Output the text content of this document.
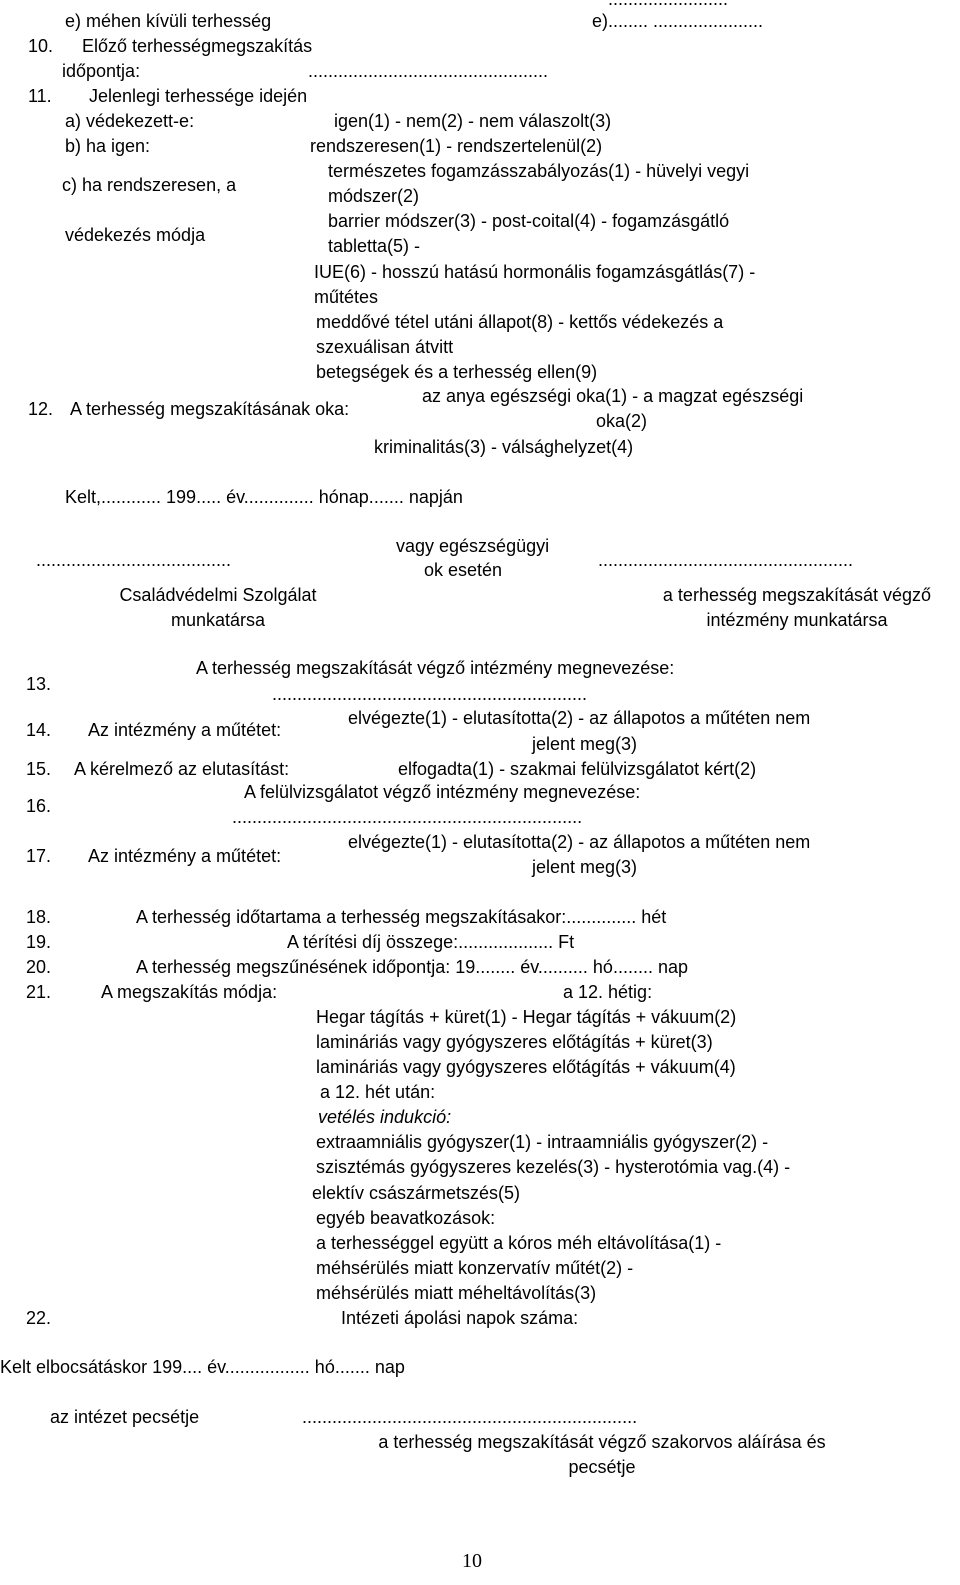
e) méhen kívüli terhesség	e)........ ......................
10. Előző terhességmegszakítás
időpontja:	................................................
11. Jelenlegi terhessége idején
a) védekezett-e:	igen(1) - nem(2) - nem válaszolt(3)
b) ha igen:	rendszeresen(1) - rendszertelenül(2)
c) ha rendszeresen, a
védekezés módja
természetes fogamzásszabályozás(1) - hüvelyi vegyi
módszer(2)
barrier módszer(3) - post-coital(4) - fogamzásgátló
tabletta(5) -
IUE(6) - hosszú hatású hormonális fogamzásgátlás(7) -
műtétes
meddővé tétel utáni állapot(8) - kettős védekezés a
szexuálisan átvitt
betegségek és a terhesség ellen(9)
12. A terhesség megszakításának oka:
az anya egészségi oka(1) - a magzat egészségi
oka(2)
kriminalitás(3) - válsághelyzet(4)
Kelt,............ 199..... év.............. hónap....... napján
.......................................
vagy egészségügyi
ok esetén	...................................................
Családvédelmi Szolgálat
munkatársa
a terhesség megszakítását végző
intézmény munkatársa
13.
A terhesség megszakítását végző intézmény megnevezése:
...............................................................
14. Az intézmény a műtétet:
elvégezte(1) - elutasította(2) - az állapotos a műtéten nem
jelent meg(3)
15. A kérelmező az elutasítást:	elfogadta(1) - szakmai felülvizsgálatot kért(2)
16.
A felülvizsgálatot végző intézmény megnevezése:
......................................................................
17. Az intézmény a műtétet:
elvégezte(1) - elutasította(2) - az állapotos a műtéten nem
jelent meg(3)
18.	A terhesség időtartama a terhesség megszakításakor:.............. hét
19.	A térítési díj összege:................... Ft
20.	A terhesség megszűnésének időpontja: 19........ év.......... hó........ nap
21.	A megszakítás módja:	a 12. hétig:
Hegar tágítás + küret(1) - Hegar tágítás + vákuum(2)
lamináriás vagy gyógyszeres előtágítás + küret(3)
lamináriás vagy gyógyszeres előtágítás + vákuum(4)
a 12. hét után:
vetélés indukció:
extraamniális gyógyszer(1) - intraamniális gyógyszer(2) -
szisztémás gyógyszeres kezelés(3) - hysterotómia vag.(4) -
elektív császármetszés(5)
egyéb beavatkozások:
a terhességgel együtt a kóros méh eltávolítása(1) -
méhsérülés miatt konzervatív műtét(2) -
méhsérülés miatt méheltávolítás(3)
22.	Intézeti ápolási napok száma:
Kelt elbocsátáskor 199.... év................. hó....... nap
az intézet pecsétje	...................................................................
a terhesség megszakítását végző szakorvos aláírása és
pecsétje
10
